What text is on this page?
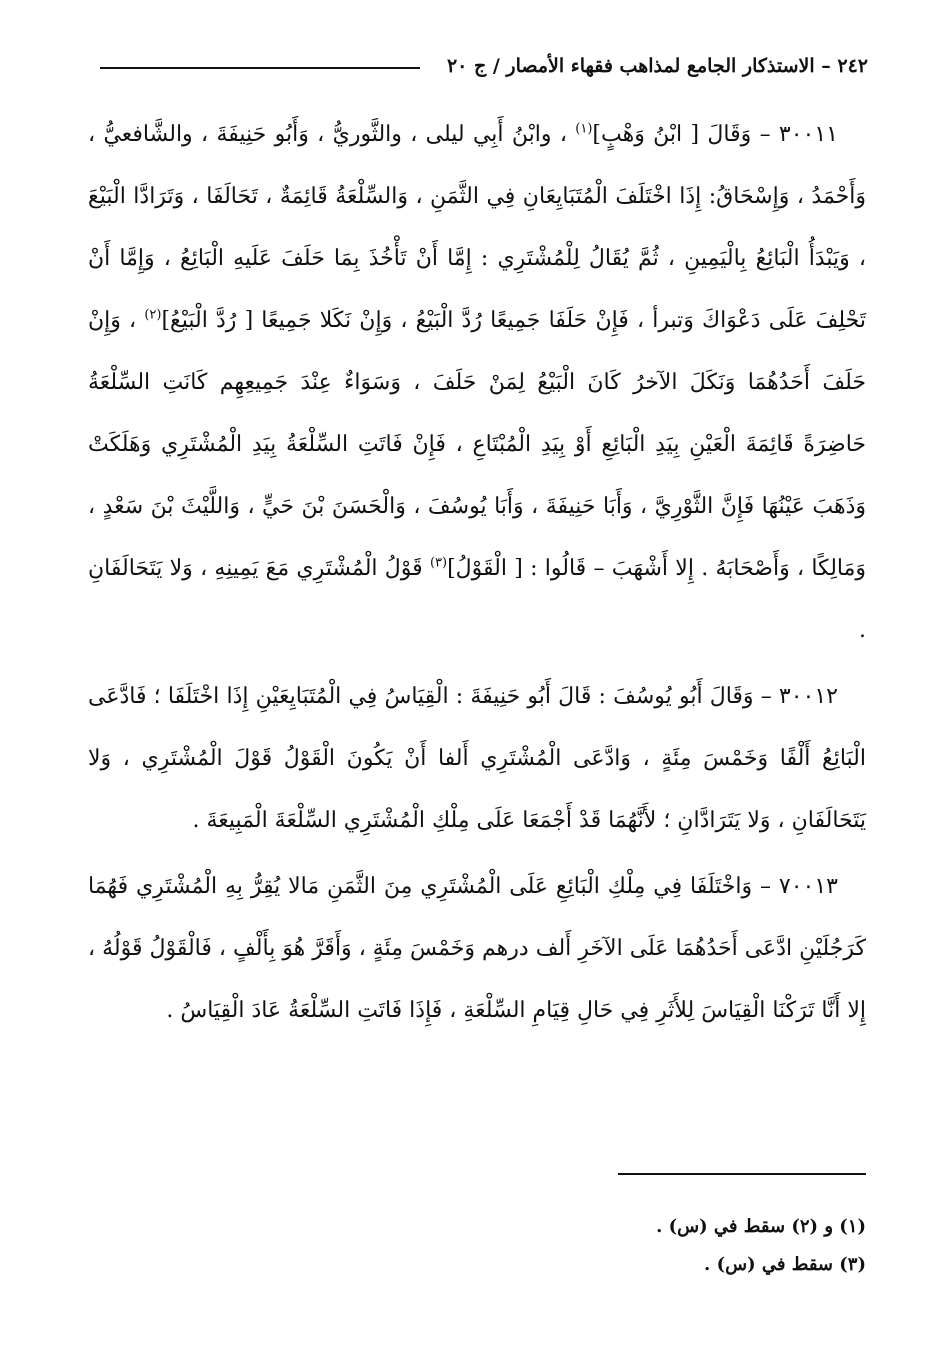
٢٤٢ – الاستذكار الجامع لمذاهب فقهاء الأمصار / ج ٢٠

٣٠٠١١ – وَقَالَ [ ابْنُ وَهْبٍ]$^{(١)}$ ، وابْنُ أَبِي ليلى ، والثَّوريُّ ، وَأَبُو حَنِيفَةَ ، والشَّافعيُّ ، وَأَحْمَدُ ، وَإِسْحَاقُ: إِذَا اخْتَلَفَ الْمُتَبَايِعَانِ فِي الثَّمَنِ ، وَالسِّلْعَةُ قَائِمَةٌ ، تَحَالَفَا ، وَتَرَادَّا الْبَيْعَ ، وَيَبْدَأُ الْبَائِعُ بِالْيَمِينِ ، ثُمَّ يُقَالُ لِلْمُشْتَرِي : إِمَّا أَنْ تَأْخُذَ بِمَا حَلَفَ عَلَيهِ الْبَائِعُ ، وَإِمَّا أَنْ تَحْلِفَ عَلَى دَعْوَاكَ وَتبرأ ، فَإِنْ حَلَفَا جَمِيعًا رُدَّ الْبَيْعُ ، وَإِنْ نَكَلا جَمِيعًا [ رُدَّ الْبَيْعُ]$^{(٢)}$ ، وَإِنْ حَلَفَ أَحَدُهُمَا وَنَكَلَ الآخرُ كَانَ الْبَيْعُ لِمَنْ حَلَفَ ، وَسَوَاءٌ عِنْدَ جَمِيعِهِم كَانَتِ السِّلْعَةُ حَاضِرَةً قَائِمَةَ الْعَيْنِ بِيَدِ الْبَائِعِ أَوْ بِيَدِ الْمُبْتَاعِ ، فَإِنْ فَاتَتِ السِّلْعَةُ بِيَدِ الْمُشْتَرِي وَهَلَكَتْ وَذَهَبَ عَيْنُهَا فَإِنَّ الثَّوْرِيَّ ، وَأَبَا حَنِيفَةَ ، وَأَبَا يُوسُفَ ، وَالْحَسَنَ بْنَ حَيٍّ ، وَاللَّيْثَ بْنَ سَعْدٍ ، وَمَالِكًا ، وَأَصْحَابَهُ . إِلا أَشْهَبَ – قَالُوا : [ الْقَوْلُ]$^{(٣)}$ قَوْلُ الْمُشْتَرِي مَعَ يَمِينِهِ ، وَلا يَتَحَالَفَانِ .

٣٠٠١٢ – وَقَالَ أَبُو يُوسُفَ : قَالَ أَبُو حَنِيفَةَ : الْقِيَاسُ فِي الْمُتَبَايِعَيْنِ إِذَا اخْتَلَفَا ؛ فَادَّعَى الْبَائِعُ أَلْفًا وَخَمْسَ مِئَةٍ ، وَادَّعَى الْمُشْتَرِي أَلفا أَنْ يَكُونَ الْقَوْلُ قَوْلَ الْمُشْتَرِي ، وَلا يَتَحَالَفَانِ ، وَلا يَتَرَادَّانِ ؛ لأَنَّهُمَا قَدْ أَجْمَعَا عَلَى مِلْكِ الْمُشْتَرِي السِّلْعَةَ الْمَبِيعَةَ .

٧٠٠١٣ – وَاخْتَلَفَا فِي مِلْكِ الْبَائِعِ عَلَى الْمُشْتَرِي مِنَ الثَّمَنِ مَالا يُقِرُّ بِهِ الْمُشْتَرِي فَهُمَا كَرَجُلَيْنِ ادَّعَى أَحَدُهُمَا عَلَى الآخَرِ أَلف درهم وَخَمْسَ مِئَةٍ ، وَأَقَرَّ هُوَ بِأَلْفٍ ، فَالْقَوْلُ قَوْلُهُ ، إِلا أَنَّا تَرَكْنَا الْقِيَاسَ لِلأَثَرِ فِي حَالِ قِيَامِ السِّلْعَةِ ، فَإِذَا فَاتَتِ السِّلْعَةُ عَادَ الْقِيَاسُ .

(١) و (٢) سقط في (س) .

(٣) سقط في (س) .
